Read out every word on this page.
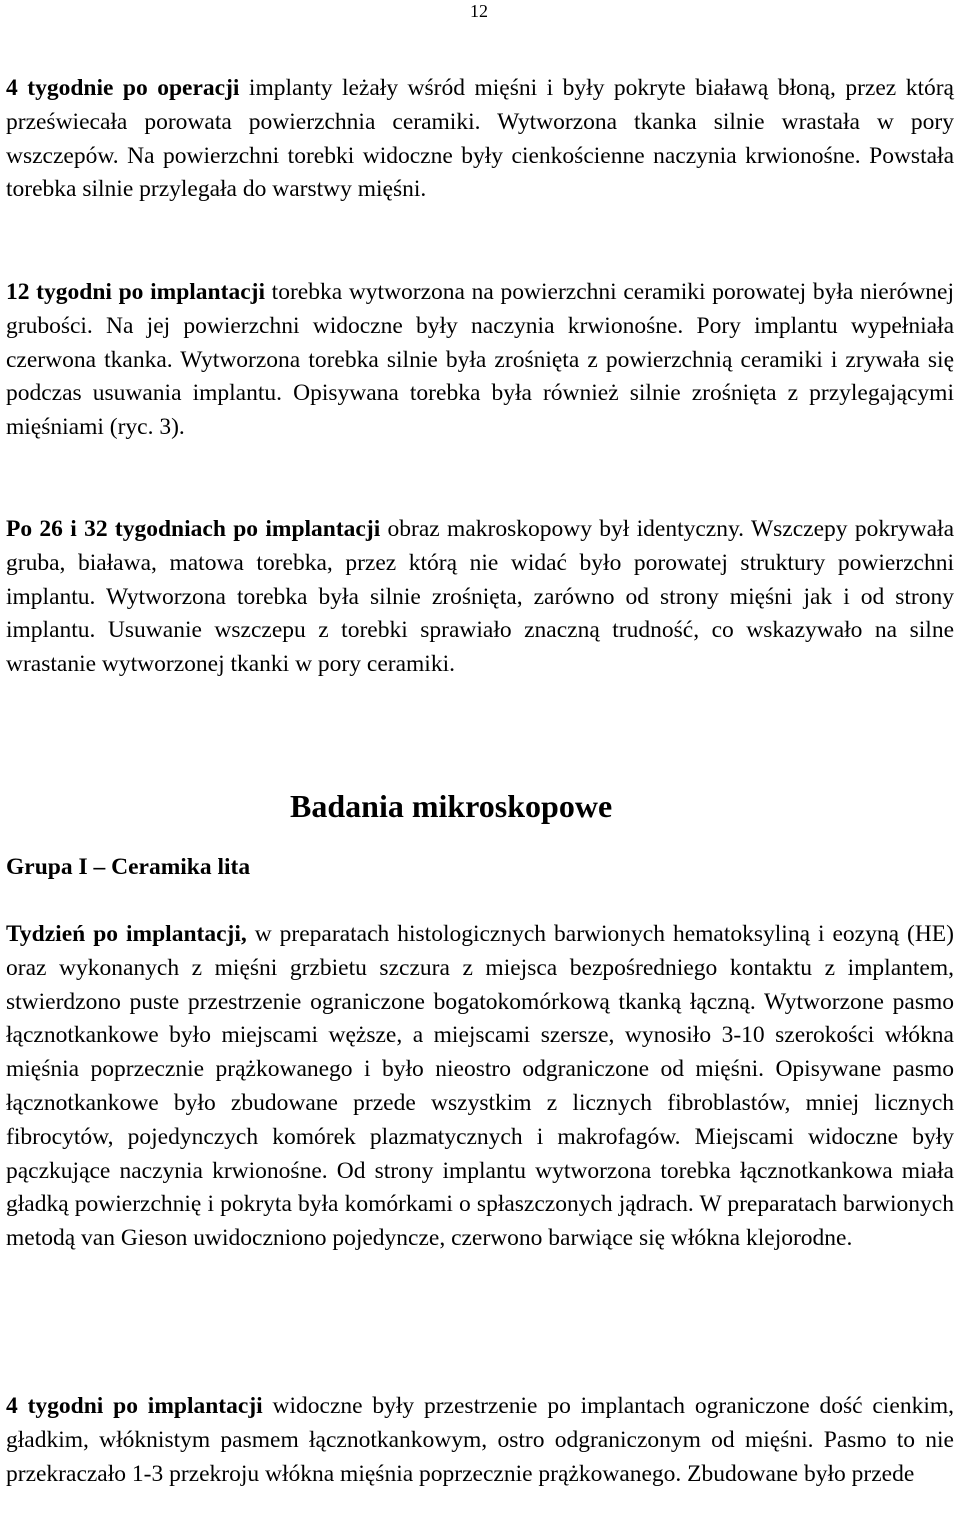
12

4 tygodnie po operacji implanty leżały wśród mięśni i były pokryte białawą błoną, przez którą przeświecała porowata powierzchnia ceramiki. Wytworzona tkanka silnie wrastała w pory wszczepów. Na powierzchni torebki widoczne były cienkościenne naczynia krwionośne. Powstała torebka silnie przylegała do warstwy mięśni.

12 tygodni po implantacji torebka wytworzona na powierzchni ceramiki porowatej była nierównej grubości. Na jej powierzchni widoczne były naczynia krwionośne. Pory implantu wypełniała czerwona tkanka. Wytworzona torebka silnie była zrośnięta z powierzchnią ceramiki i zrywała się podczas usuwania implantu. Opisywana torebka była również silnie zrośnięta z przylegającymi mięśniami (ryc. 3).

Po 26 i 32 tygodniach po implantacji obraz makroskopowy był identyczny. Wszczepy pokrywała gruba, biaława, matowa torebka, przez którą nie widać było porowatej struktury powierzchni implantu. Wytworzona torebka była silnie zrośnięta, zarówno od strony mięśni jak i od strony implantu. Usuwanie wszczepu z torebki sprawiało znaczną trudność, co wskazywało na silne wrastanie wytworzonej tkanki w pory ceramiki.

Badania mikroskopowe
Grupa I – Ceramika lita

Tydzień po implantacji, w preparatach histologicznych barwionych hematoksyliną i eozyną (HE) oraz wykonanych z mięśni grzbietu szczura z miejsca bezpośredniego kontaktu z implantem, stwierdzono puste przestrzenie ograniczone bogatokomórkową tkanką łączną. Wytworzone pasmo łącznotkankowe było miejscami węższe, a miejscami szersze, wynosiło 3-10 szerokości włókna mięśnia poprzecznie prążkowanego i było nieostro odgraniczone od mięśni. Opisywane pasmo łącznotkankowe było zbudowane przede wszystkim z licznych fibroblastów, mniej licznych fibrocytów, pojedynczych komórek plazmatycznych i makrofagów. Miejscami widoczne były pączkujące naczynia krwionośne. Od strony implantu wytworzona torebka łącznotkankowa miała gładką powierzchnię i pokryta była komórkami o spłaszczonych jądrach. W preparatach barwionych metodą van Gieson uwidoczniono pojedyncze, czerwono barwiące się włókna klejorodne.

4 tygodni po implantacji widoczne były przestrzenie po implantach ograniczone dość cienkim, gładkim, włóknistym pasmem łącznotkankowym, ostro odgraniczonym od mięśni. Pasmo to nie przekraczało 1-3 przekroju włókna mięśnia poprzecznie prążkowanego. Zbudowane było przede
